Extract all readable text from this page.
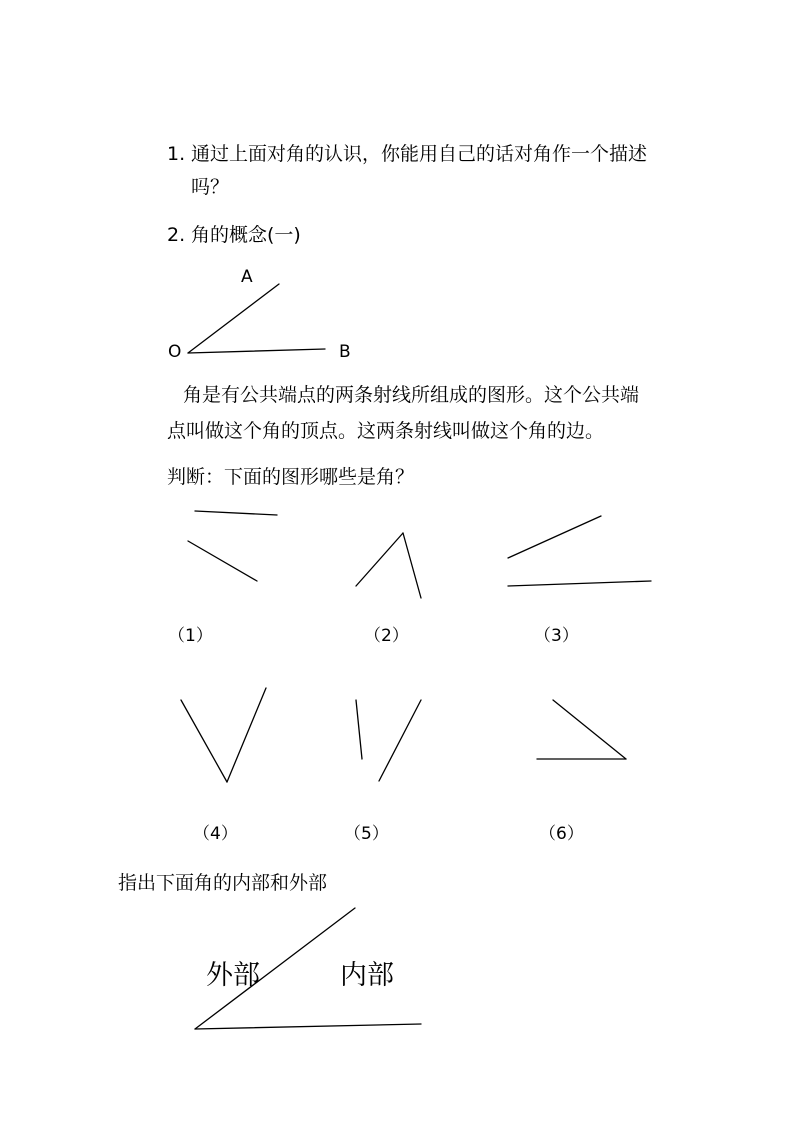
1. 通过上面对角的认识，你能用自己的话对角作一个描述
吗？
2. 角的概念(一)
A
O	B
角是有公共端点的两条射线所组成的图形。这个公共端
点叫做这个角的顶点。这两条射线叫做这个角的边。
判断：下面的图形哪些是角？
（1）	（2）	（3）
（4）	（5）	（6）
指出下面角的内部和外部
外部	内部
